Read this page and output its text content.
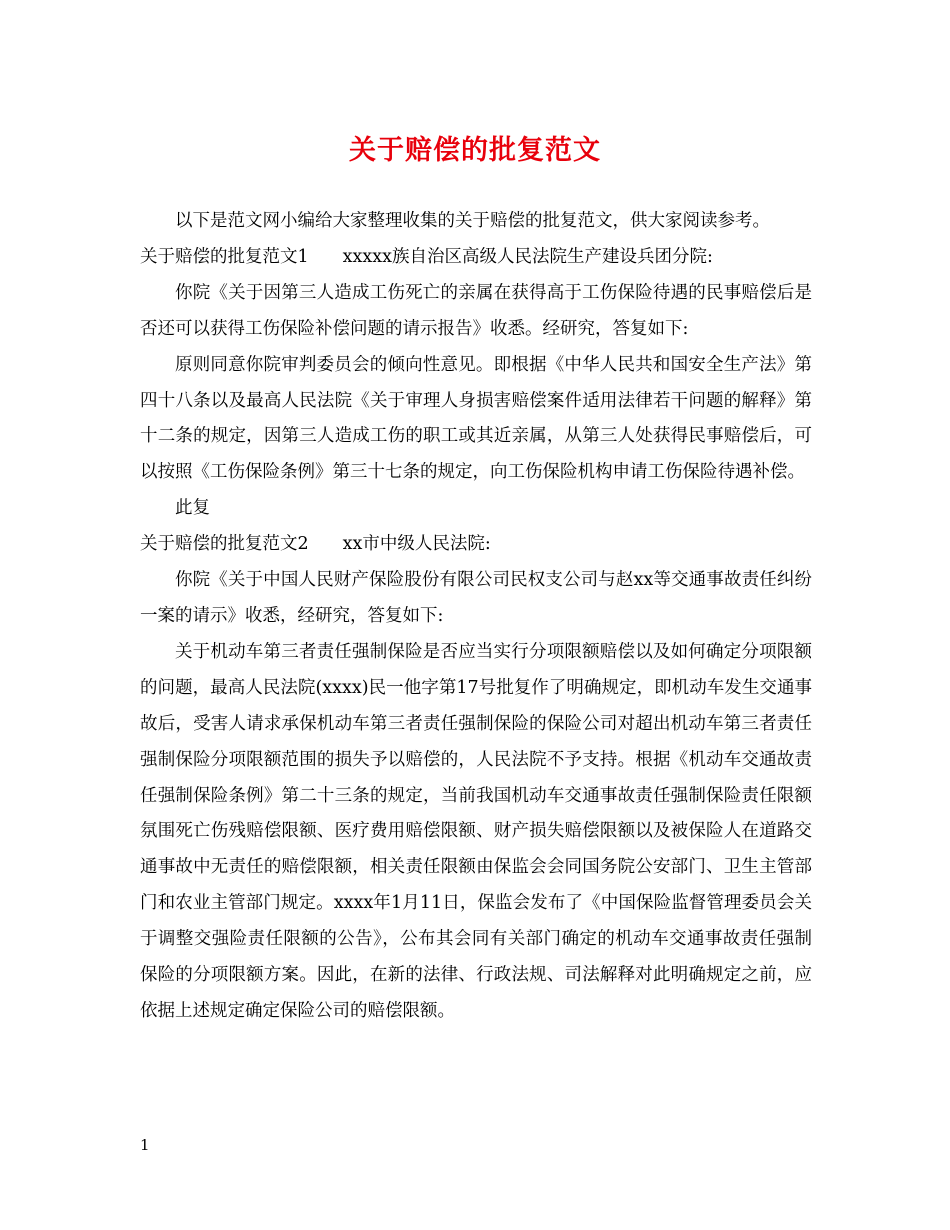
关于赔偿的批复范文

以下是范文网小编给大家整理收集的关于赔偿的批复范文，供大家阅读参考。

关于赔偿的批复范文1 xxxxx族自治区高级人民法院生产建设兵团分院:

你院《关于因第三人造成工伤死亡的亲属在获得高于工伤保险待遇的民事赔偿后是否还可以获得工伤保险补偿问题的请示报告》收悉。经研究，答复如下:

原则同意你院审判委员会的倾向性意见。即根据《中华人民共和国安全生产法》第四十八条以及最高人民法院《关于审理人身损害赔偿案件适用法律若干问题的解释》第十二条的规定，因第三人造成工伤的职工或其近亲属，从第三人处获得民事赔偿后，可以按照《工伤保险条例》第三十七条的规定，向工伤保险机构申请工伤保险待遇补偿。

此复

关于赔偿的批复范文2 xx市中级人民法院:

你院《关于中国人民财产保险股份有限公司民权支公司与赵xx等交通事故责任纠纷一案的请示》收悉，经研究，答复如下:

关于机动车第三者责任强制保险是否应当实行分项限额赔偿以及如何确定分项限额的问题，最高人民法院(xxxx)民一他字第17号批复作了明确规定，即机动车发生交通事故后，受害人请求承保机动车第三者责任强制保险的保险公司对超出机动车第三者责任强制保险分项限额范围的损失予以赔偿的，人民法院不予支持。根据《机动车交通故责任强制保险条例》第二十三条的规定，当前我国机动车交通事故责任强制保险责任限额氛围死亡伤残赔偿限额、医疗费用赔偿限额、财产损失赔偿限额以及被保险人在道路交通事故中无责任的赔偿限额，相关责任限额由保监会会同国务院公安部门、卫生主管部门和农业主管部门规定。xxxx年1月11日，保监会发布了《中国保险监督管理委员会关于调整交强险责任限额的公告》，公布其会同有关部门确定的机动车交通事故责任强制保险的分项限额方案。因此，在新的法律、行政法规、司法解释对此明确规定之前，应依据上述规定确定保险公司的赔偿限额。

1
